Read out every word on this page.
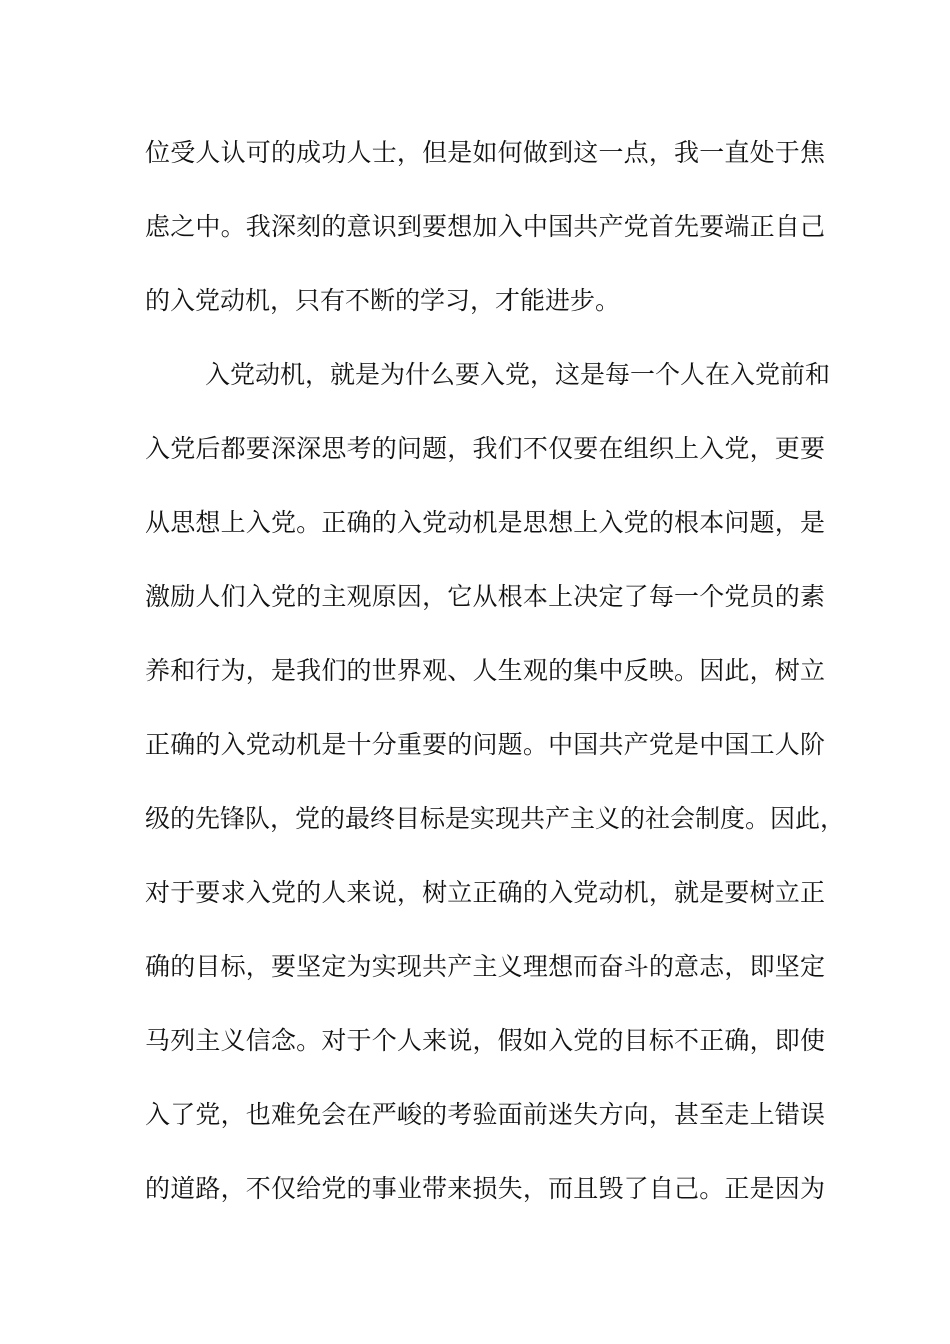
位受人认可的成功人士，但是如何做到这一点，我一直处于焦
虑之中。我深刻的意识到要想加入中国共产党首先要端正自己
的入党动机，只有不断的学习，才能进步。
入党动机，就是为什么要入党，这是每一个人在入党前和
入党后都要深深思考的问题，我们不仅要在组织上入党，更要
从思想上入党。正确的入党动机是思想上入党的根本问题，是
激励人们入党的主观原因，它从根本上决定了每一个党员的素
养和行为，是我们的世界观、人生观的集中反映。因此，树立
正确的入党动机是十分重要的问题。中国共产党是中国工人阶
级的先锋队，党的最终目标是实现共产主义的社会制度。因此，
对于要求入党的人来说，树立正确的入党动机，就是要树立正
确的目标，要坚定为实现共产主义理想而奋斗的意志，即坚定
马列主义信念。对于个人来说，假如入党的目标不正确，即使
入了党，也难免会在严峻的考验面前迷失方向，甚至走上错误
的道路，不仅给党的事业带来损失，而且毁了自己。正是因为
